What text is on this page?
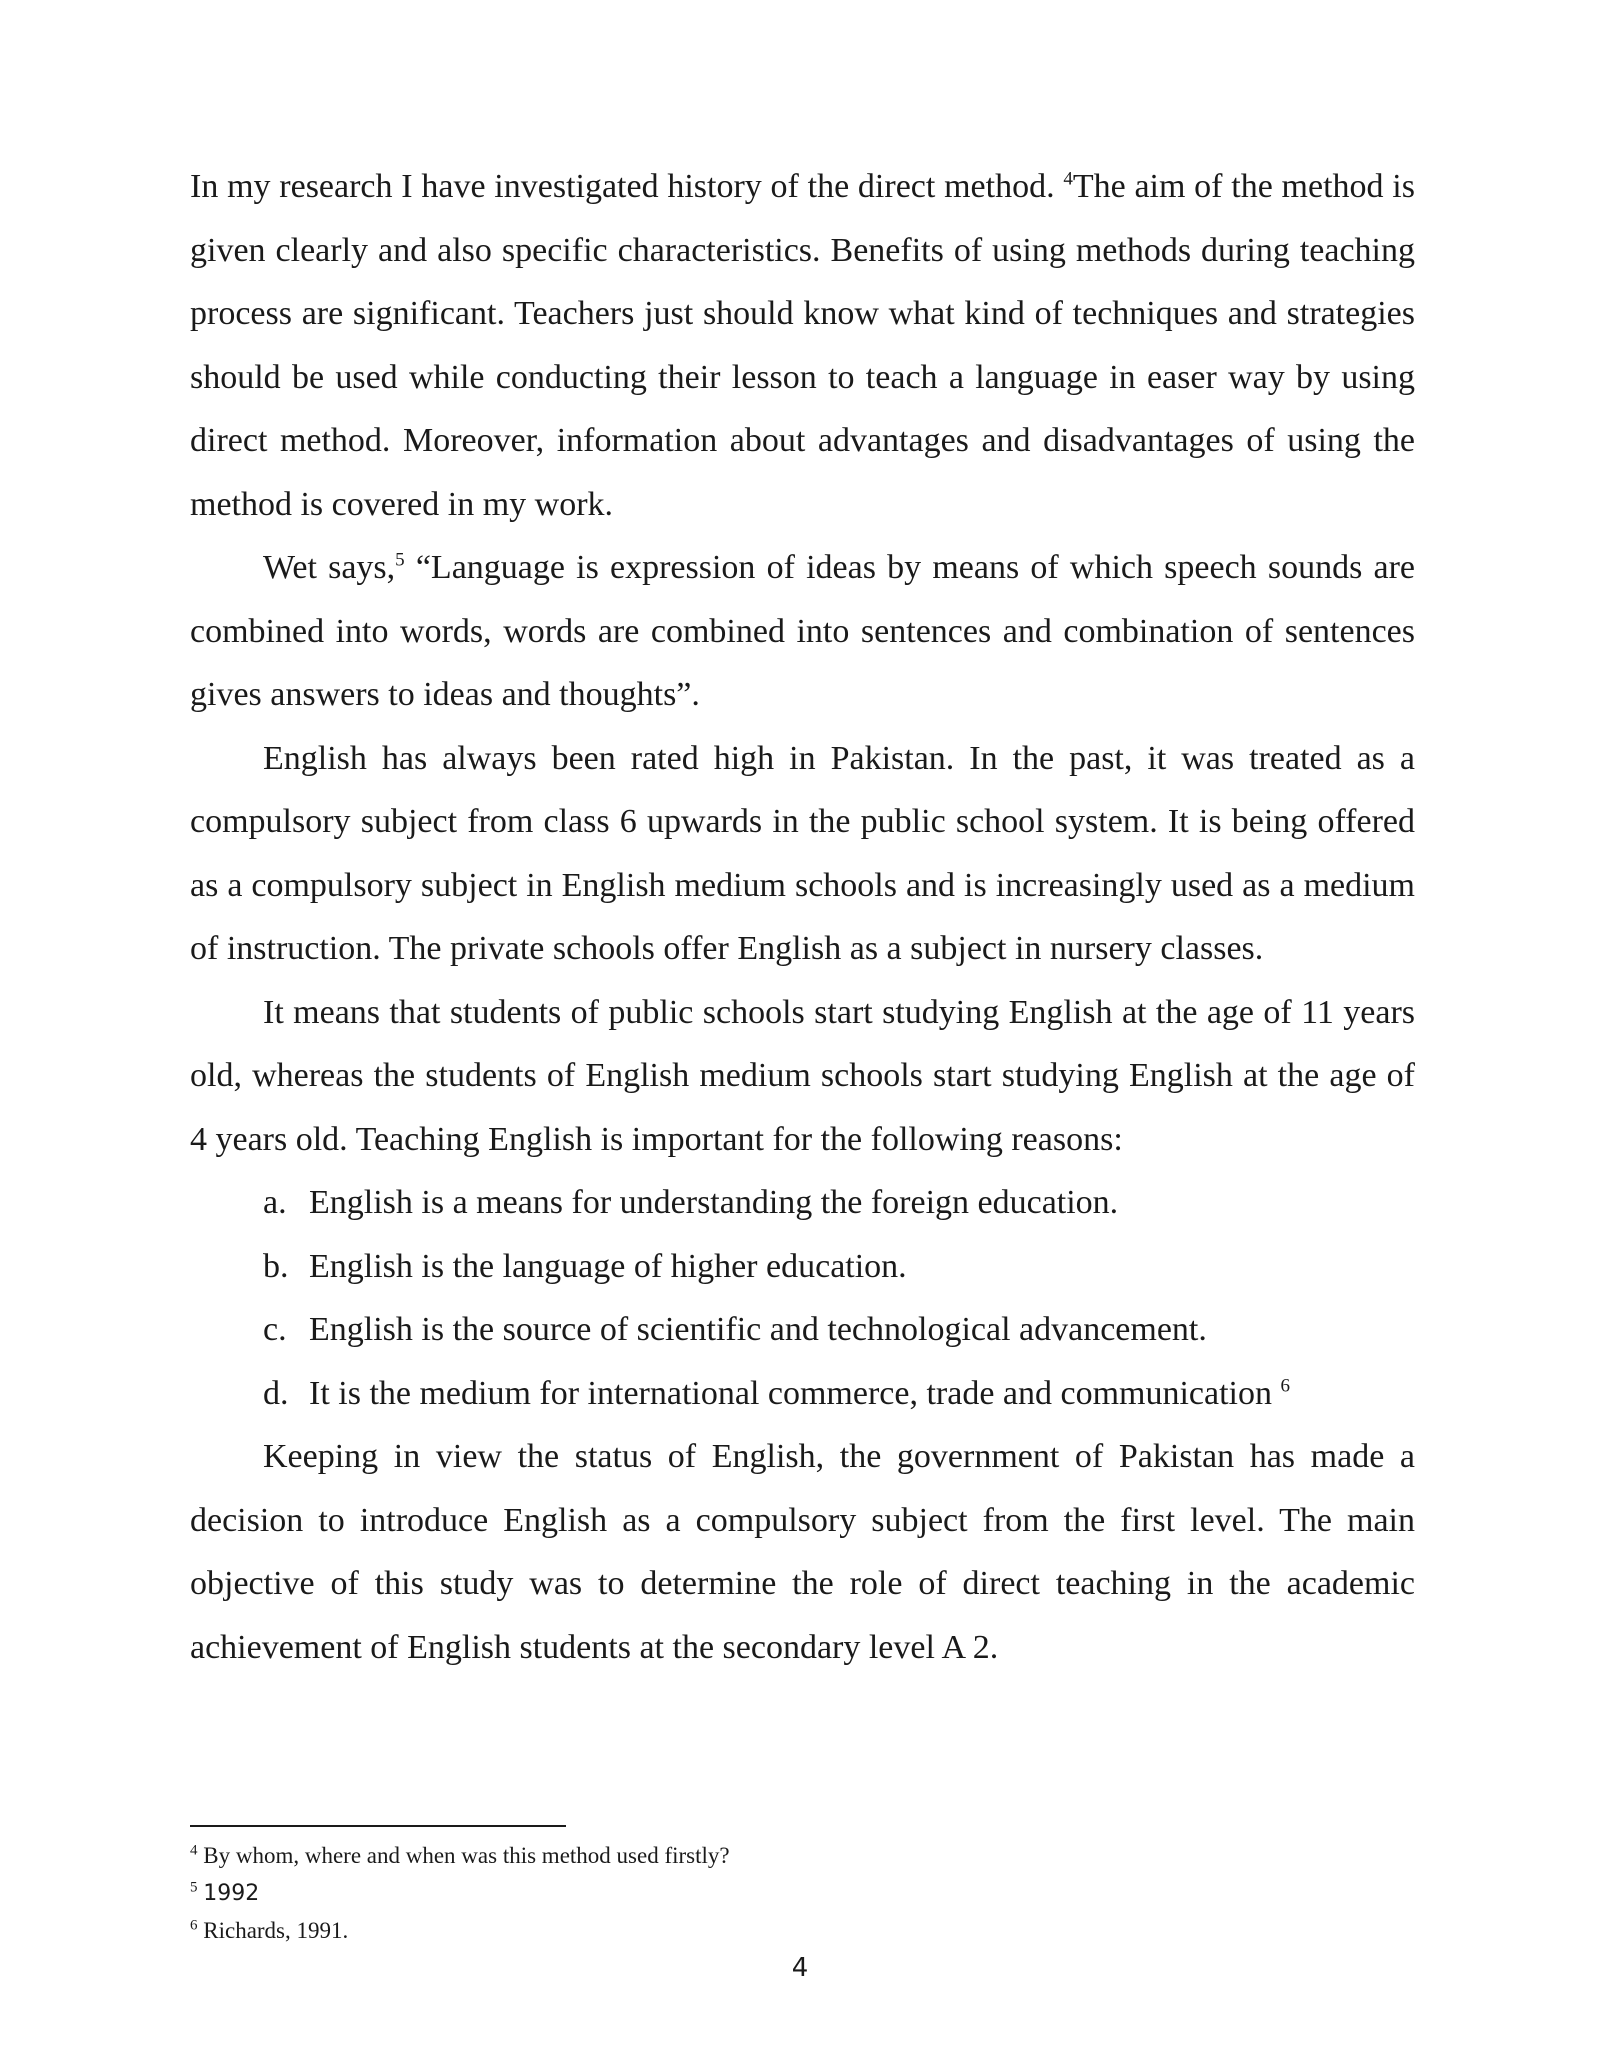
In my research I have investigated history of the direct method. $^4$The aim of the method is given clearly and also specific characteristics. Benefits of using methods during teaching process are significant. Teachers just should know what kind of techniques and strategies should be used while conducting their lesson to teach a language in easer way by using direct method. Moreover, information about advantages and disadvantages of using the method is covered in my work.

Wet says,$^5$ “Language is expression of ideas by means of which speech sounds are combined into words, words are combined into sentences and combination of sentences gives answers to ideas and thoughts”.

English has always been rated high in Pakistan. In the past, it was treated as a compulsory subject from class 6 upwards in the public school system. It is being offered as a compulsory subject in English medium schools and is increasingly used as a medium of instruction. The private schools offer English as a subject in nursery classes.

It means that students of public schools start studying English at the age of 11 years old, whereas the students of English medium schools start studying English at the age of 4 years old. Teaching English is important for the following reasons:

a. English is a means for understanding the foreign education.
b. English is the language of higher education.
c. English is the source of scientific and technological advancement.
d. It is the medium for international commerce, trade and communication $^6$

Keeping in view the status of English, the government of Pakistan has made a decision to introduce English as a compulsory subject from the first level. The main objective of this study was to determine the role of direct teaching in the academic achievement of English students at the secondary level A 2.

$^4$ By whom, where and when was this method used firstly?

$^5$ 1992

$^6$ Richards, 1991.

4
